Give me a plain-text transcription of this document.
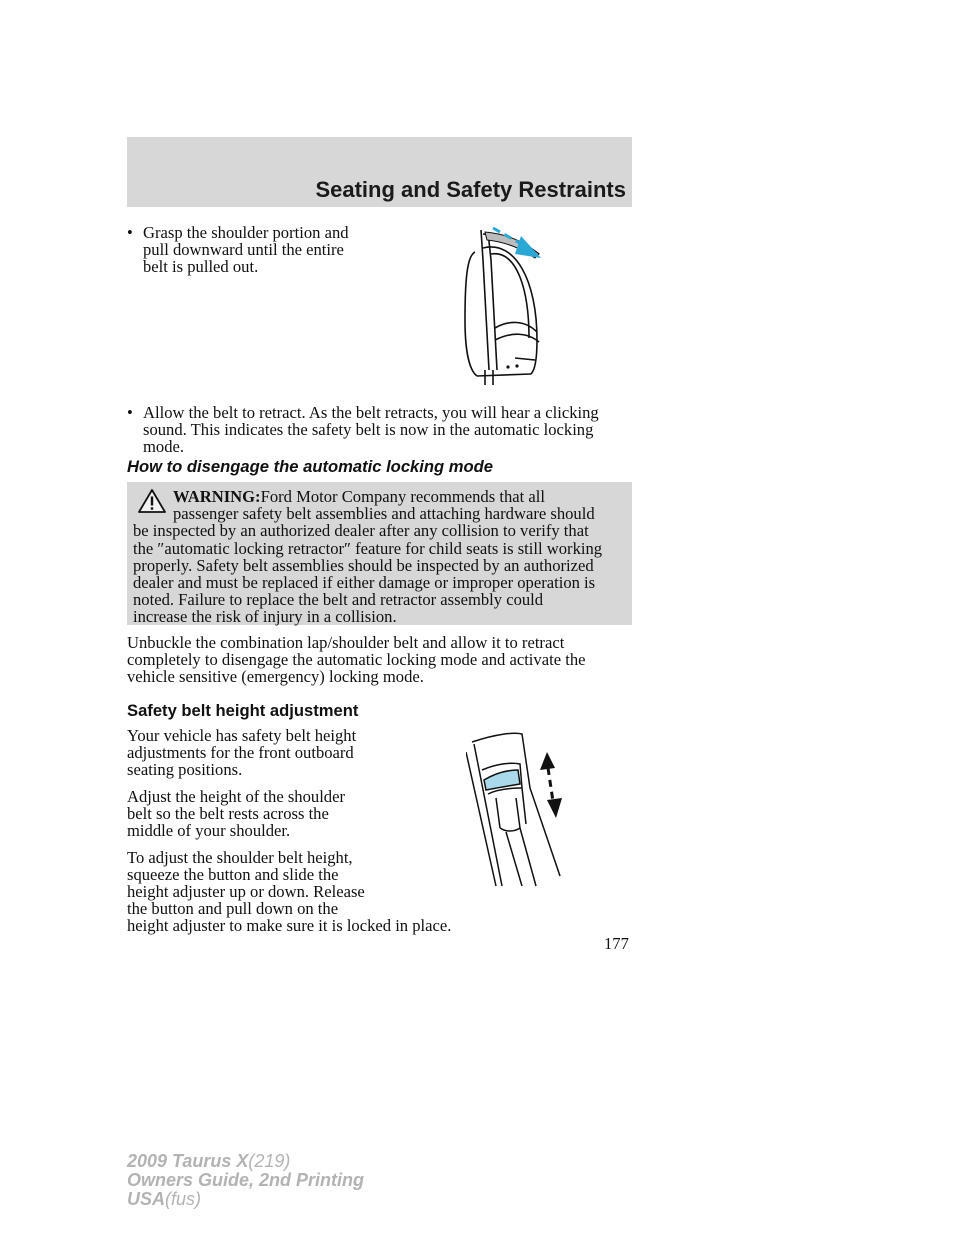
Seating and Safety Restraints
• Grasp the shoulder portion and
pull downward until the entire
belt is pulled out.
• Allow the belt to retract. As the belt retracts, you will hear a clicking
sound. This indicates the safety belt is now in the automatic locking
mode.
How to disengage the automatic locking mode
WARNING:Ford Motor Company recommends that all
passenger safety belt assemblies and attaching hardware should
be inspected by an authorized dealer after any collision to verify that
the ″automatic locking retractor″ feature for child seats is still working
properly. Safety belt assemblies should be inspected by an authorized
dealer and must be replaced if either damage or improper operation is
noted. Failure to replace the belt and retractor assembly could
increase the risk of injury in a collision.
Unbuckle the combination lap/shoulder belt and allow it to retract
completely to disengage the automatic locking mode and activate the
vehicle sensitive (emergency) locking mode.
Safety belt height adjustment
Your vehicle has safety belt height
adjustments for the front outboard
seating positions.
Adjust the height of the shoulder
belt so the belt rests across the
middle of your shoulder.
To adjust the shoulder belt height,
squeeze the button and slide the
height adjuster up or down. Release
the button and pull down on the
height adjuster to make sure it is locked in place.
177
2009 Taurus X(219)
Owners Guide, 2nd Printing
USA(fus)
